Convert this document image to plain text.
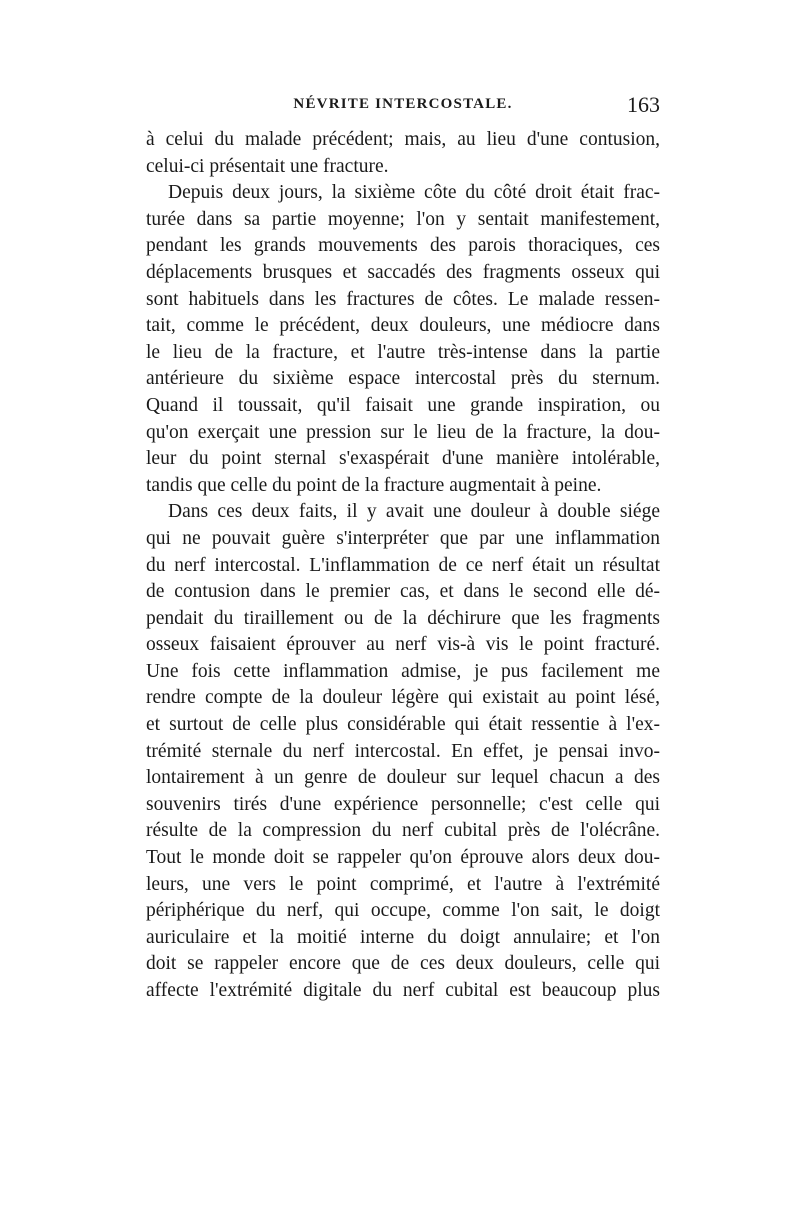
NÉVRITE INTERCOSTALE.	163
à celui du malade précédent; mais, au lieu d'une contusion,
celui-ci présentait une fracture.
Depuis deux jours, la sixième côte du côté droit était frac-
turée dans sa partie moyenne; l'on y sentait manifestement,
pendant les grands mouvements des parois thoraciques, ces
déplacements brusques et saccadés des fragments osseux qui
sont habituels dans les fractures de côtes. Le malade ressen-
tait, comme le précédent, deux douleurs, une médiocre dans
le lieu de la fracture, et l'autre très-intense dans la partie
antérieure du sixième espace intercostal près du sternum.
Quand il toussait, qu'il faisait une grande inspiration, ou
qu'on exerçait une pression sur le lieu de la fracture, la dou-
leur du point sternal s'exaspérait d'une manière intolérable,
tandis que celle du point de la fracture augmentait à peine.
Dans ces deux faits, il y avait une douleur à double siége
qui ne pouvait guère s'interpréter que par une inflammation
du nerf intercostal. L'inflammation de ce nerf était un résultat
de contusion dans le premier cas, et dans le second elle dé-
pendait du tiraillement ou de la déchirure que les fragments
osseux faisaient éprouver au nerf vis-à vis le point fracturé.
Une fois cette inflammation admise, je pus facilement me
rendre compte de la douleur légère qui existait au point lésé,
et surtout de celle plus considérable qui était ressentie à l'ex-
trémité sternale du nerf intercostal. En effet, je pensai invo-
lontairement à un genre de douleur sur lequel chacun a des
souvenirs tirés d'une expérience personnelle; c'est celle qui
résulte de la compression du nerf cubital près de l'olécrâne.
Tout le monde doit se rappeler qu'on éprouve alors deux dou-
leurs, une vers le point comprimé, et l'autre à l'extrémité
périphérique du nerf, qui occupe, comme l'on sait, le doigt
auriculaire et la moitié interne du doigt annulaire; et l'on
doit se rappeler encore que de ces deux douleurs, celle qui
affecte l'extrémité digitale du nerf cubital est beaucoup plus
